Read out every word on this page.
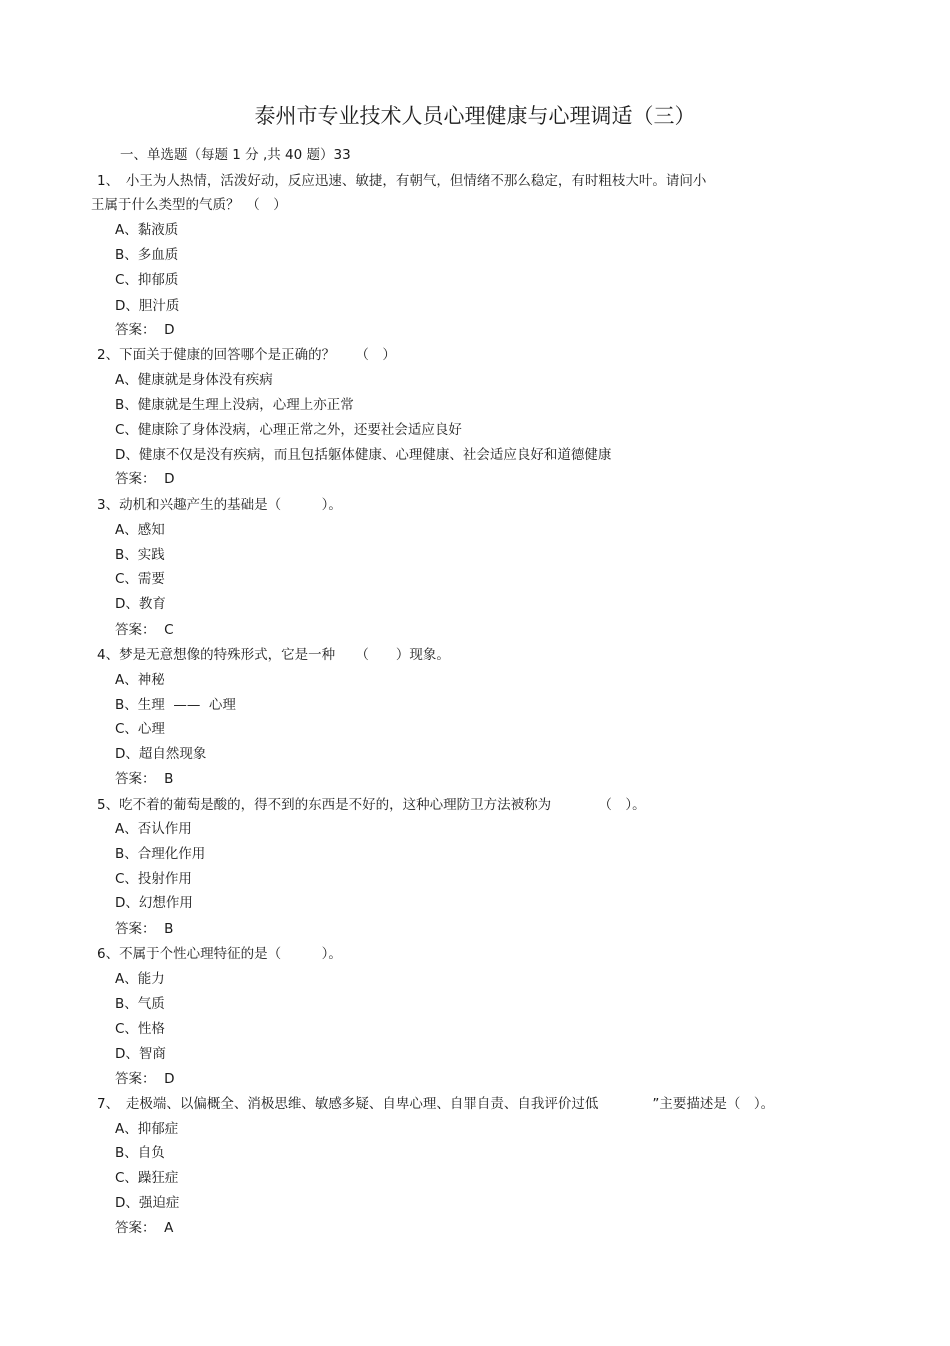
泰州市专业技术人员心理健康与心理调适（三）
一、单选题（每题 1 分 ,共 40 题）33
1、　小王为人热情，活泼好动，反应迅速、敏捷，有朝气，但情绪不那么稳定，有时粗枝大叶。请问小
王属于什么类型的气质？　（　）
A、黏液质
B、多血质
C、抑郁质
D、胆汁质
答案：  D
2、下面关于健康的回答哪个是正确的？　　（　）
A、健康就是身体没有疾病
B、健康就是生理上没病，心理上亦正常
C、健康除了身体没病，心理正常之外，还要社会适应良好
D、健康不仅是没有疾病，而且包括躯体健康、心理健康、社会适应良好和道德健康
答案：  D
3、动机和兴趣产生的基础是（　　　）。
A、感知
B、实践
C、需要
D、教育
答案：  C
4、梦是无意想像的特殊形式，它是一种　　（　　）现象。
A、神秘
B、生理  ——  心理
C、心理
D、超自然现象
答案：  B
5、吃不着的葡萄是酸的，得不到的东西是不好的，这种心理防卫方法被称为　　　　（　）。
A、否认作用
B、合理化作用
C、投射作用
D、幻想作用
答案：  B
6、不属于个性心理特征的是（　　　）。
A、能力
B、气质
C、性格
D、智商
答案：  D
7、　走极端、以偏概全、消极思维、敏感多疑、自卑心理、自罪自责、自我评价过低　　　　”主要描述是（　）。
A、抑郁症
B、自负
C、躁狂症
D、强迫症
答案：  A
